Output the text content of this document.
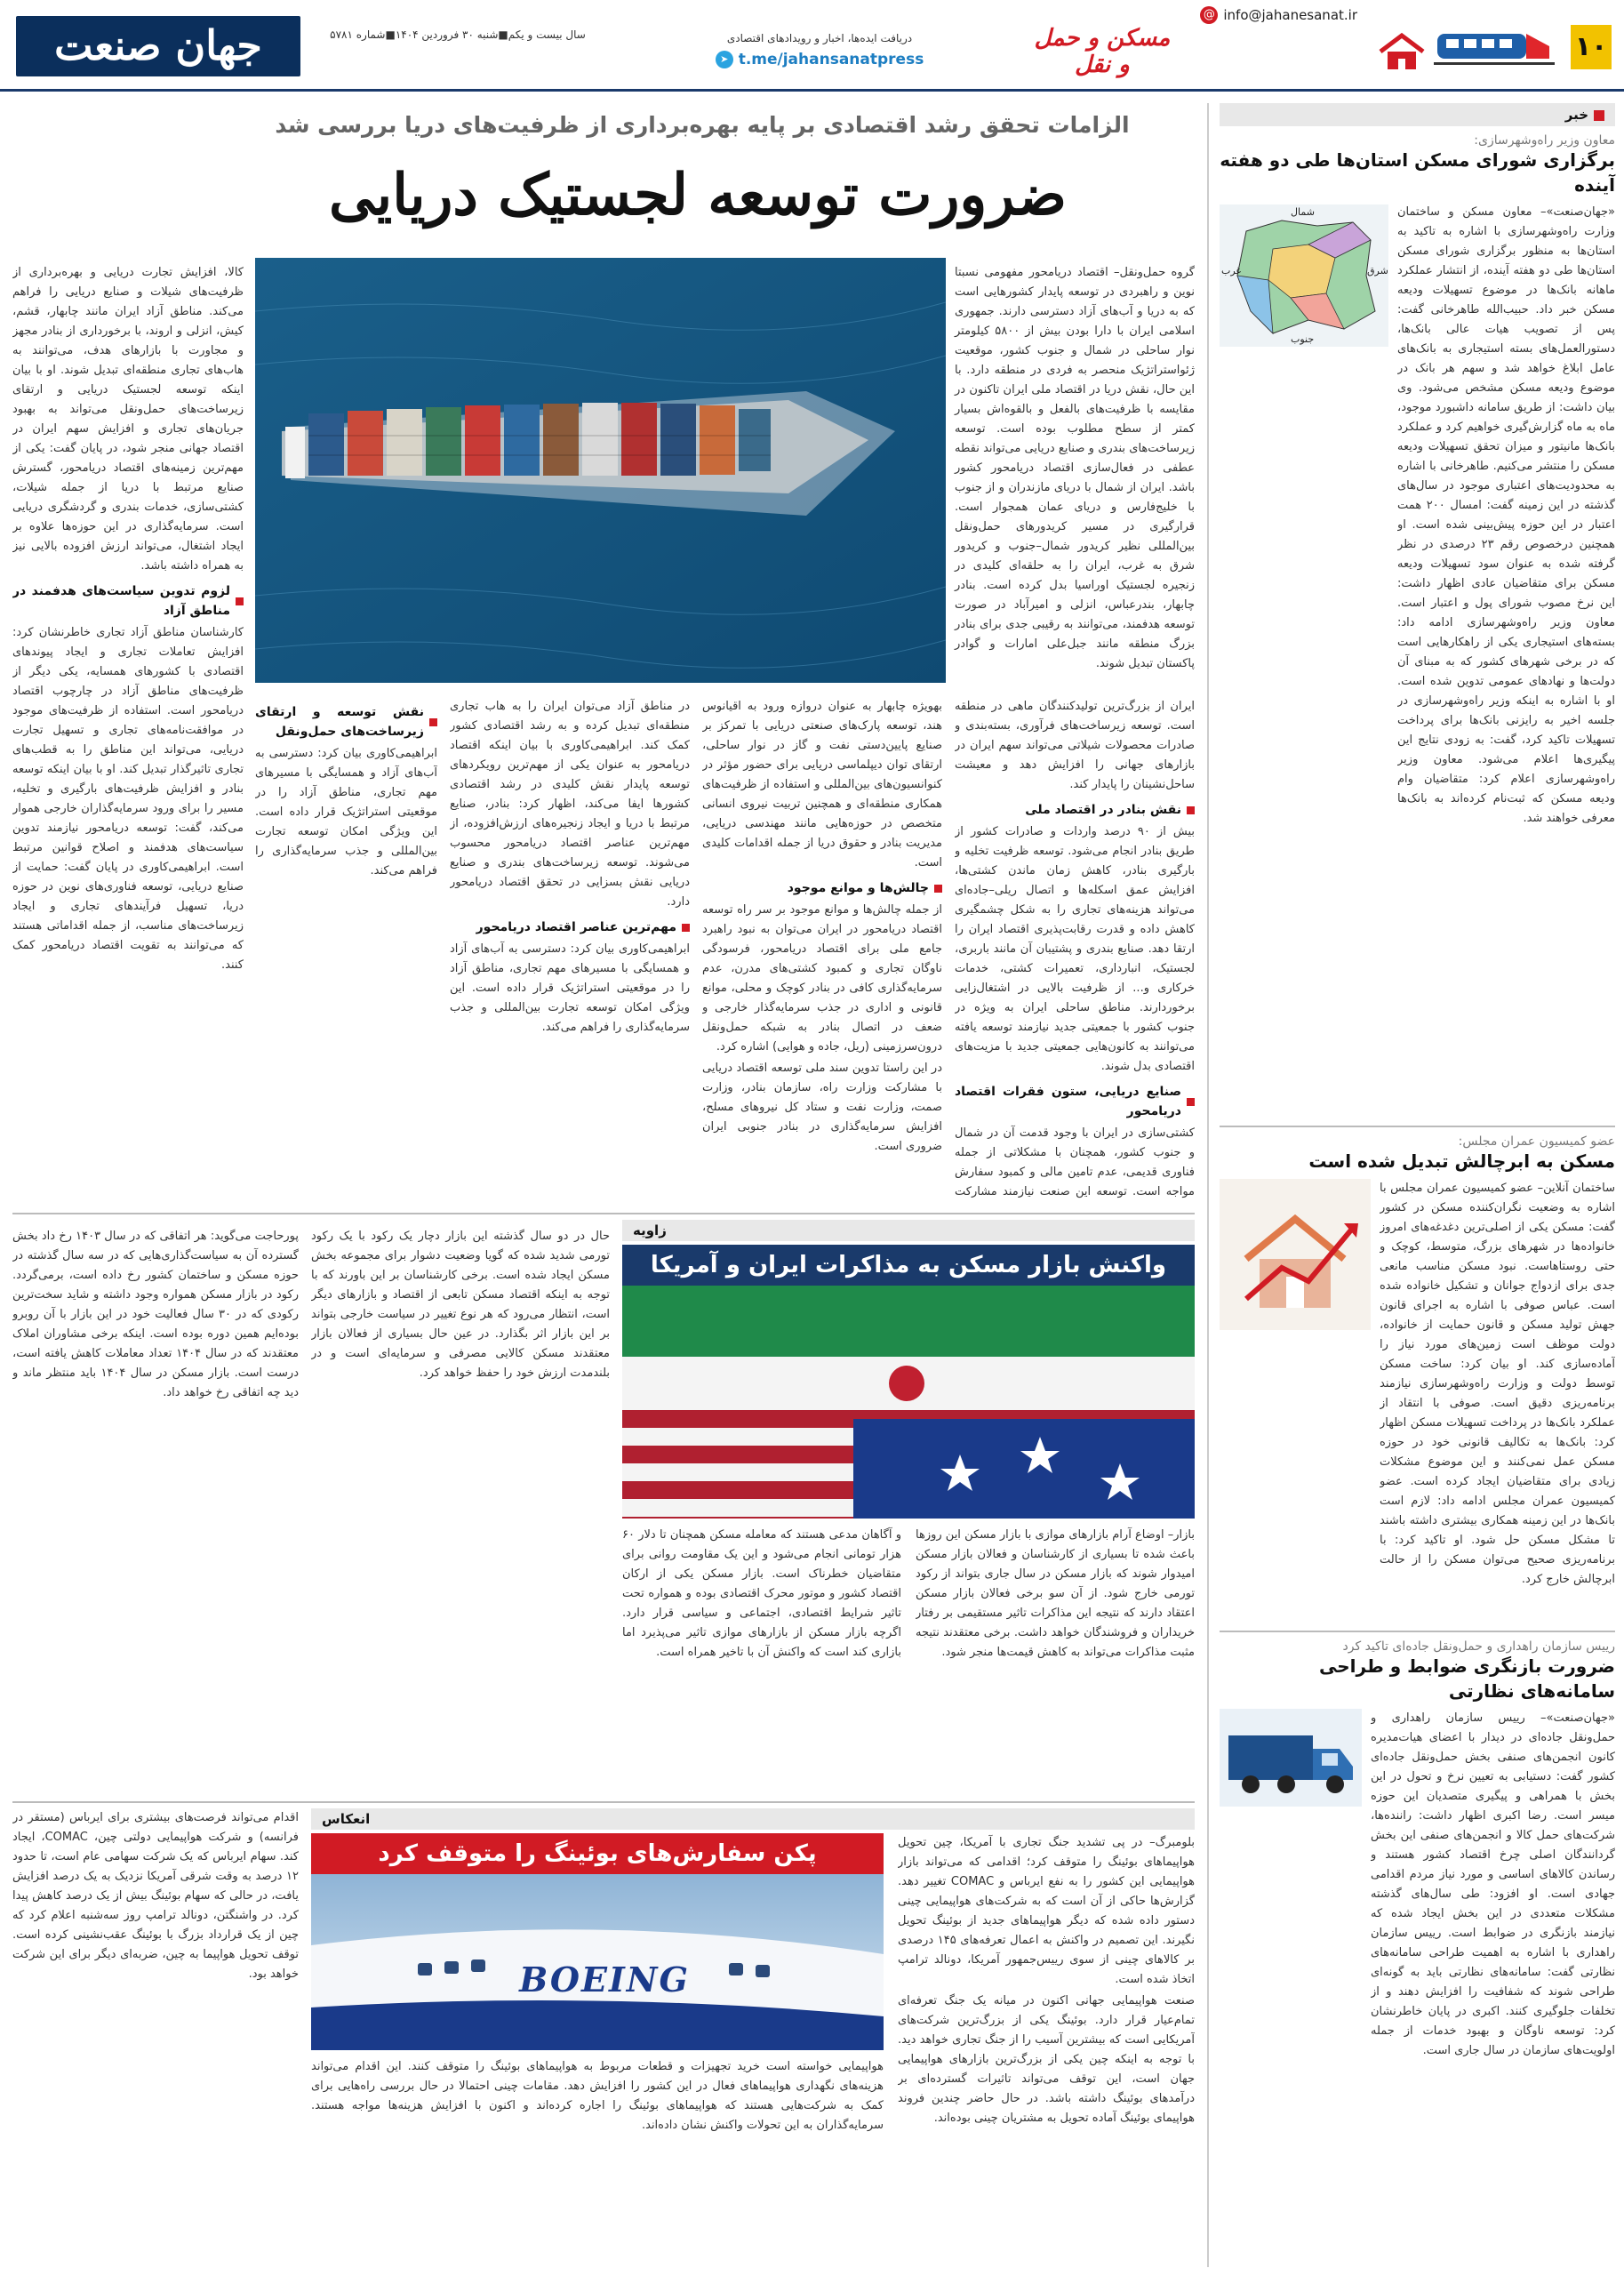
۱۰
@ info@jahanesanat.ir
مسکن و حمل و نقل
دریافت ایده‌ها، اخبار و رویدادهای اقتصادی
➤ t.me/jahansanatpress
سال بیست و یکم■شنبه ۳۰ فروردین ۱۴۰۴■شماره ۵۷۸۱
جهان صنعت
الزامات تحقق رشد اقتصادی بر پایه بهره‌برداری از ظرفیت‌های دریا بررسی شد
ضرورت توسعه لجستیک دریایی

گروه حمل‌ونقل– اقتصاد دریامحور مفهومی نسبتا نوین و راهبردی در توسعه پایدار کشورهایی است که به دریا و آب‌های آزاد دسترسی دارند. جمهوری اسلامی ایران با دارا بودن بیش از ۵۸۰۰ کیلومتر نوار ساحلی در شمال و جنوب کشور، موقعیت ژئواستراتژیک منحصر به فردی در منطقه دارد. با این حال، نقش دریا در اقتصاد ملی ایران تاکنون در مقایسه با ظرفیت‌های بالفعل و بالقوه‌اش بسیار کمتر از سطح مطلوب بوده است. توسعه زیرساخت‌های بندری و صنایع دریایی می‌تواند نقطه عطفی در فعال‌سازی اقتصاد دریامحور کشور باشد. ایران از شمال با دریای مازندران و از جنوب با خلیج‌فارس و دریای عمان همجوار است. قرارگیری در مسیر کریدورهای حمل‌ونقل بین‌المللی نظیر کریدور شمال–جنوب و کریدور شرق به غرب، ایران را به حلقه‌ای کلیدی در زنجیره لجستیک اوراسیا بدل کرده است. بنادر چابهار، بندرعباس، انزلی و امیرآباد در صورت توسعه هدفمند، می‌توانند به رقیبی جدی برای بنادر بزرگ منطقه مانند جبل‌علی امارات و گوادر پاکستان تبدیل شوند.

ایران از بزرگ‌ترین تولیدکنندگان ماهی در منطقه است. توسعه زیرساخت‌های فرآوری، بسته‌بندی و صادرات محصولات شیلاتی می‌تواند سهم ایران در بازارهای جهانی را افزایش دهد و معیشت ساحل‌نشینان را پایدار کند.

نقش بنادر در اقتصاد ملی

بیش از ۹۰ درصد واردات و صادرات کشور از طریق بنادر انجام می‌شود. توسعه ظرفیت تخلیه و بارگیری بنادر، کاهش زمان ماندن کشتی‌ها، افزایش عمق اسکله‌ها و اتصال ریلی–جاده‌ای می‌تواند هزینه‌های تجاری را به شکل چشمگیری کاهش داده و قدرت رقابت‌پذیری اقتصاد ایران را ارتقا دهد. صنایع بندری و پشتیبان آن مانند باربری، لجستیک، انبارداری، تعمیرات کشتی، خدمات خرکاری و... از ظرفیت بالایی در اشتغال‌زایی برخوردارند. مناطق ساحلی ایران به ویژه در جنوب کشور با جمعیتی جدید نیازمند توسعه یافته می‌توانند به کانون‌هایی جمعیتی جدید با مزیت‌های اقتصادی بدل شوند.

صنایع دریایی، ستون فقرات اقتصاد دریامحور

کشتی‌سازی در ایران با وجود قدمت آن در شمال و جنوب کشور، همچنان با مشکلاتی از جمله فناوری قدیمی، عدم تامین مالی و کمبود سفارش مواجه است. توسعه این صنعت نیازمند مشارکت

بهویژه چابهار به عنوان دروازه ورود به اقیانوس هند، توسعه پارک‌های صنعتی دریایی با تمرکز بر صنایع پایین‌دستی نفت و گاز در نوار ساحلی، ارتقای توان دیپلماسی دریایی برای حضور مؤثر در کنوانسیون‌های بین‌المللی و استفاده از ظرفیت‌های همکاری منطقه‌ای و همچنین تربیت نیروی انسانی متخصص در حوزه‌هایی مانند مهندسی دریایی، مدیریت بنادر و حقوق دریا از جمله اقدامات کلیدی است.

چالش‌ها و موانع موجود

از جمله چالش‌ها و موانع موجود بر سر راه توسعه اقتصاد دریامحور در ایران می‌توان به نبود راهبرد جامع ملی برای اقتصاد دریامحور، فرسودگی ناوگان تجاری و کمبود کشتی‌های مدرن، عدم سرمایه‌گذاری کافی در بنادر کوچک و محلی، موانع قانونی و اداری در جذب سرمایه‌گذار خارجی و ضعف در اتصال بنادر به شبکه حمل‌ونقل درون‌سرزمینی (ریل، جاده و هوایی) اشاره کرد.

در این راستا تدوین سند ملی توسعه اقتصاد دریایی با مشارکت وزارت راه، سازمان بنادر، وزارت صمت، وزارت نفت و ستاد کل نیروهای مسلح، افزایش سرمایه‌گذاری در بنادر جنوبی ایران ضروری است.

در مناطق آزاد می‌توان ایران را به هاب تجاری منطقه‌ای تبدیل کرده و به رشد اقتصادی کشور کمک کند. ابراهیمی‌کاوری با بیان اینکه اقتصاد دریامحور به عنوان یکی از مهم‌ترین رویکردهای توسعه پایدار نقش کلیدی در رشد اقتصادی کشورها ایفا می‌کند، اظهار کرد: بنادر، صنایع مرتبط با دریا و ایجاد زنجیره‌های ارزش‌افزوده، از مهم‌ترین عناصر اقتصاد دریامحور محسوب می‌شوند. توسعه زیرساخت‌های بندری و صنایع دریایی نقش بسزایی در تحقق اقتصاد دریامحور دارد.

مهم‌ترین عناصر اقتصاد دریامحور

ابراهیمی‌کاوری بیان کرد: دسترسی به آب‌های آزاد و همسایگی با مسیرهای مهم تجاری، مناطق آزاد را در موقعیتی استراتژیک قرار داده است. این ویژگی امکان توسعه تجارت بین‌المللی و جذب سرمایه‌گذاری را فراهم می‌کند.

نقش توسعه و ارتقای زیرساخت‌های حمل‌ونقل

ابراهیمی‌کاوری بیان کرد: دسترسی به آب‌های آزاد و همسایگی با مسیرهای مهم تجاری، مناطق آزاد را در موقعیتی استراتژیک قرار داده است. این ویژگی امکان توسعه تجارت بین‌المللی و جذب سرمایه‌گذاری را فراهم می‌کند.

کالا، افزایش تجارت دریایی و بهره‌برداری از ظرفیت‌های شیلات و صنایع دریایی را فراهم می‌کند. مناطق آزاد ایران مانند چابهار، قشم، کیش، انزلی و اروند، با برخورداری از بنادر مجهز و مجاورت با بازارهای هدف، می‌توانند به هاب‌های تجاری منطقه‌ای تبدیل شوند. او با بیان اینکه توسعه لجستیک دریایی و ارتقای زیرساخت‌های حمل‌ونقل می‌تواند به بهبود جریان‌های تجاری و افزایش سهم ایران در اقتصاد جهانی منجر شود، در پایان گفت: یکی از مهم‌ترین زمینه‌های اقتصاد دریامحور، گسترش صنایع مرتبط با دریا از جمله شیلات، کشتی‌سازی، خدمات بندری و گردشگری دریایی است. سرمایه‌گذاری در این حوزه‌ها علاوه بر ایجاد اشتغال، می‌تواند ارزش افزوده بالایی نیز به همراه داشته باشد.

لزوم تدوین سیاست‌های هدفمند در مناطق آزاد

کارشناسان مناطق آزاد تجاری خاطرنشان کرد: افزایش تعاملات تجاری و ایجاد پیوندهای اقتصادی با کشورهای همسایه، یکی دیگر از ظرفیت‌های مناطق آزاد در چارچوب اقتصاد دریامحور است. استفاده از ظرفیت‌های موجود در موافقت‌نامه‌های تجاری و تسهیل تجارت دریایی، می‌تواند این مناطق را به قطب‌های تجاری تاثیرگذار تبدیل کند. او با بیان اینکه توسعه بنادر و افزایش ظرفیت‌های بارگیری و تخلیه، مسیر را برای ورود سرمایه‌گذاران خارجی هموار می‌کند، گفت: توسعه دریامحور نیازمند تدوین سیاست‌های هدفمند و اصلاح قوانین مرتبط است. ابراهیمی‌کاوری در پایان گفت: حمایت از صنایع دریایی، توسعه فناوری‌های نوین در حوزه دریا، تسهیل فرآیندهای تجاری و ایجاد زیرساخت‌های مناسب، از جمله اقداماتی هستند که می‌توانند به تقویت اقتصاد دریامحور کمک کنند.

زاویه
واکنش بازار مسکن به مذاکرات ایران و آمریکا

بازار– اوضاع آرام بازارهای موازی با بازار مسکن این روزها باعث شده تا بسیاری از کارشناسان و فعالان بازار مسکن امیدوار شوند که بازار مسکن در سال جاری بتواند از رکود تورمی خارج شود. از آن سو برخی فعالان بازار مسکن اعتقاد دارند که نتیجه این مذاکرات تاثیر مستقیمی بر رفتار خریداران و فروشندگان خواهد داشت. برخی معتقدند نتیجه مثبت مذاکرات می‌تواند به کاهش قیمت‌ها منجر شود.

و آگاهان مدعی هستند که معامله مسکن همچنان تا دلار ۶۰ هزار تومانی انجام می‌شود و این یک مقاومت روانی برای متقاضیان خطرناک است. بازار مسکن یکی از ارکان اقتصاد کشور و موتور محرک اقتصادی بوده و همواره تحت تاثیر شرایط اقتصادی، اجتماعی و سیاسی قرار دارد. اگرچه بازار مسکن از بازارهای موازی تاثیر می‌پذیرد اما بازاری کند است که واکنش آن با تاخیر همراه است.

حال در دو سال گذشته این بازار دچار یک رکود با یک رکود تورمی شدید شده که گویا وضعیت دشوار برای مجموعه بخش مسکن ایجاد شده است. برخی کارشناسان بر این باورند که با توجه به اینکه اقتصاد مسکن تابعی از اقتصاد و بازارهای دیگر است، انتظار می‌رود که هر نوع تغییر در سیاست خارجی بتواند بر این بازار اثر بگذارد. در عین حال بسیاری از فعالان بازار معتقدند مسکن کالایی مصرفی و سرمایه‌ای است و در بلندمدت ارزش خود را حفظ خواهد کرد.

پورحاجت می‌گوید: هر اتفاقی که در سال ۱۴۰۳ رخ داد بخش گسترده آن به سیاست‌گذاری‌هایی که در سه سال گذشته در حوزه مسکن و ساختمان کشور رخ داده است، برمی‌گردد. رکود در بازار مسکن همواره وجود داشته و شاید سخت‌ترین رکودی که در ۳۰ سال فعالیت خود در این بازار با آن روبرو بوده‌ایم همین دوره بوده است. اینکه برخی مشاوران املاک معتقدند که در سال ۱۴۰۴ تعداد معاملات کاهش یافته است، درست است. بازار مسکن در سال ۱۴۰۴ باید منتظر ماند و دید چه اتفاقی رخ خواهد داد.

انعکاس
پکن سفارش‌های بوئینگ را متوقف کرد
BOEING

بلومبرگ– در پی تشدید جنگ تجاری با آمریکا، چین تحویل هواپیماهای بوئینگ را متوقف کرد؛ اقدامی که می‌تواند بازار هواپیمایی این کشور را به نفع ایرباس و COMAC تغییر دهد. گزارش‌ها حاکی از آن است که به شرکت‌های هواپیمایی چینی دستور داده شده که دیگر هواپیماهای جدید از بوئینگ تحویل نگیرند. این تصمیم در واکنش به اعمال تعرفه‌های ۱۴۵ درصدی بر کالاهای چینی از سوی رییس‌جمهور آمریکا، دونالد ترامپ اتخاذ شده است.

صنعت هواپیمایی جهانی اکنون در میانه یک جنگ تعرفه‌ای تمام‌عیار قرار دارد. بوئینگ یکی از بزرگ‌ترین شرکت‌های آمریکایی است که بیشترین آسیب را از جنگ تجاری خواهد دید. با توجه به اینکه چین یکی از بزرگ‌ترین بازارهای هواپیمایی جهان است، این توقف می‌تواند تاثیرات گسترده‌ای بر درآمدهای بوئینگ داشته باشد. در حال حاضر چندین فروند هواپیمای بوئینگ آماده تحویل به مشتریان چینی بوده‌اند.

هواپیمایی خواسته است خرید تجهیزات و قطعات مربوط به هواپیماهای بوئینگ را متوقف کنند. این اقدام می‌تواند هزینه‌های نگهداری هواپیماهای فعال در این کشور را افزایش دهد. مقامات چینی احتمالا در حال بررسی راه‌هایی برای کمک به شرکت‌هایی هستند که هواپیماهای بوئینگ را اجاره کرده‌اند و اکنون با افزایش هزینه‌ها مواجه هستند. سرمایه‌گذاران به این تحولات واکنش نشان داده‌اند.

اقدام می‌تواند فرصت‌های بیشتری برای ایرباس (مستقر در فرانسه) و شرکت هواپیمایی دولتی چین، COMAC، ایجاد کند. سهام ایرباس که یک شرکت سهامی عام است، تا حدود ۱۲ درصد به وقت شرقی آمریکا نزدیک به یک درصد افزایش یافت، در حالی که سهام بوئینگ بیش از یک درصد کاهش پیدا کرد. در واشنگتن، دونالد ترامپ روز سه‌شنبه اعلام کرد که چین از یک قرارداد بزرگ با بوئینگ عقب‌نشینی کرده است. توقف تحویل هواپیما به چین، ضربه‌ای دیگر برای این شرکت خواهد بود.

خبر
معاون وزیر راه‌وشهرسازی:
برگزاری شورای مسکن استان‌ها طی دو هفته آینده
شمال
جنوب
شرق
غرب
«جهان‌صنعت»– معاون مسکن و ساختمان وزارت راه‌وشهرسازی با اشاره به تاکید به استان‌ها به منظور برگزاری شورای مسکن استان‌ها طی دو هفته آینده، از انتشار عملکرد ماهانه بانک‌ها در موضوع تسهیلات ودیعه مسکن خبر داد. حبیب‌الله طاهرخانی گفت: پس از تصویب هیات عالی بانک‌ها، دستورالعمل‌های بسته استیجاری به بانک‌های عامل ابلاغ خواهد شد و سهم هر بانک در موضوع ودیعه مسکن مشخص می‌شود. وی بیان داشت: از طریق سامانه داشبورد موجود، ماه به ماه گزارش‌گیری خواهیم کرد و عملکرد بانک‌ها مانیتور و میزان تحقق تسهیلات ودیعه مسکن را منتشر می‌کنیم. طاهرخانی با اشاره به محدودیت‌های اعتباری موجود در سال‌های گذشته در این زمینه گفت: امسال ۲۰۰ همت اعتبار در این حوزه پیش‌بینی شده است. او همچنین درخصوص رقم ۲۳ درصدی در نظر گرفته شده به عنوان سود تسهیلات ودیعه مسکن برای متقاضیان عادی اظهار داشت: این نرخ مصوب شورای پول و اعتبار است. معاون وزیر راه‌وشهرسازی ادامه داد: بسته‌های استیجاری یکی از راهکارهایی است که در برخی شهرهای کشور که به مبنای آن دولت‌ها و نهادهای عمومی تدوین شده است. او با اشاره به اینکه وزیر راه‌وشهرسازی در جلسه اخیر به رایزنی بانک‌ها برای پرداخت تسهیلات تاکید کرد، گفت: به زودی نتایج این پیگیری‌ها اعلام می‌شود. معاون وزیر راه‌وشهرسازی اعلام کرد: متقاضیان وام ودیعه مسکن که ثبت‌نام کرده‌اند به بانک‌ها معرفی خواهند شد.
عضو کمیسیون عمران مجلس:
مسکن به ابرچالش تبدیل شده است
ساختمان آنلاین– عضو کمیسیون عمران مجلس با اشاره به وضعیت نگران‌کننده مسکن در کشور گفت: مسکن یکی از اصلی‌ترین دغدغه‌های امروز خانواده‌ها در شهرهای بزرگ، متوسط، کوچک و حتی روستاهاست. نبود مسکن مناسب مانعی جدی برای ازدواج جوانان و تشکیل خانواده شده است. عباس صوفی با اشاره به اجرای قانون جهش تولید مسکن و قانون حمایت از خانواده، دولت موظف است زمین‌های مورد نیاز را آماده‌سازی کند. او بیان کرد: ساخت مسکن توسط دولت و وزارت راه‌وشهرسازی نیازمند برنامه‌ریزی دقیق است. صوفی با انتقاد از عملکرد بانک‌ها در پرداخت تسهیلات مسکن اظهار کرد: بانک‌ها به تکالیف قانونی خود در حوزه مسکن عمل نمی‌کنند و این موضوع مشکلات زیادی برای متقاضیان ایجاد کرده است. عضو کمیسیون عمران مجلس ادامه داد: لازم است بانک‌ها در این زمینه همکاری بیشتری داشته باشند تا مشکل مسکن حل شود. او تاکید کرد: با برنامه‌ریزی صحیح می‌توان مسکن را از حالت ابرچالش خارج کرد.
رییس سازمان راهداری و حمل‌ونقل جاده‌ای تاکید کرد
ضرورت بازنگری ضوابط و طراحی سامانه‌های نظارتی
«جهان‌صنعت»– رییس سازمان راهداری و حمل‌ونقل جاده‌ای در دیدار با اعضای هیات‌مدیره کانون انجمن‌های صنفی بخش حمل‌ونقل جاده‌ای کشور گفت: دستیابی به تعیین نرخ و تحول در این بخش با همراهی و پیگیری متصدیان این حوزه میسر است. رضا اکبری اظهار داشت: راننده‌ها، شرکت‌های حمل کالا و انجمن‌های صنفی این بخش گردانندگان اصلی چرخ اقتصاد کشور هستند و رساندن کالاهای اساسی و مورد نیاز مردم اقدامی جهادی است. او افزود: طی سال‌های گذشته مشکلات متعددی در این بخش ایجاد شده که نیازمند بازنگری در ضوابط است. رییس سازمان راهداری با اشاره به اهمیت طراحی سامانه‌های نظارتی گفت: سامانه‌های نظارتی باید به گونه‌ای طراحی شوند که شفافیت را افزایش دهند و از تخلفات جلوگیری کنند. اکبری در پایان خاطرنشان کرد: توسعه ناوگان و بهبود خدمات از جمله اولویت‌های سازمان در سال جاری است.
